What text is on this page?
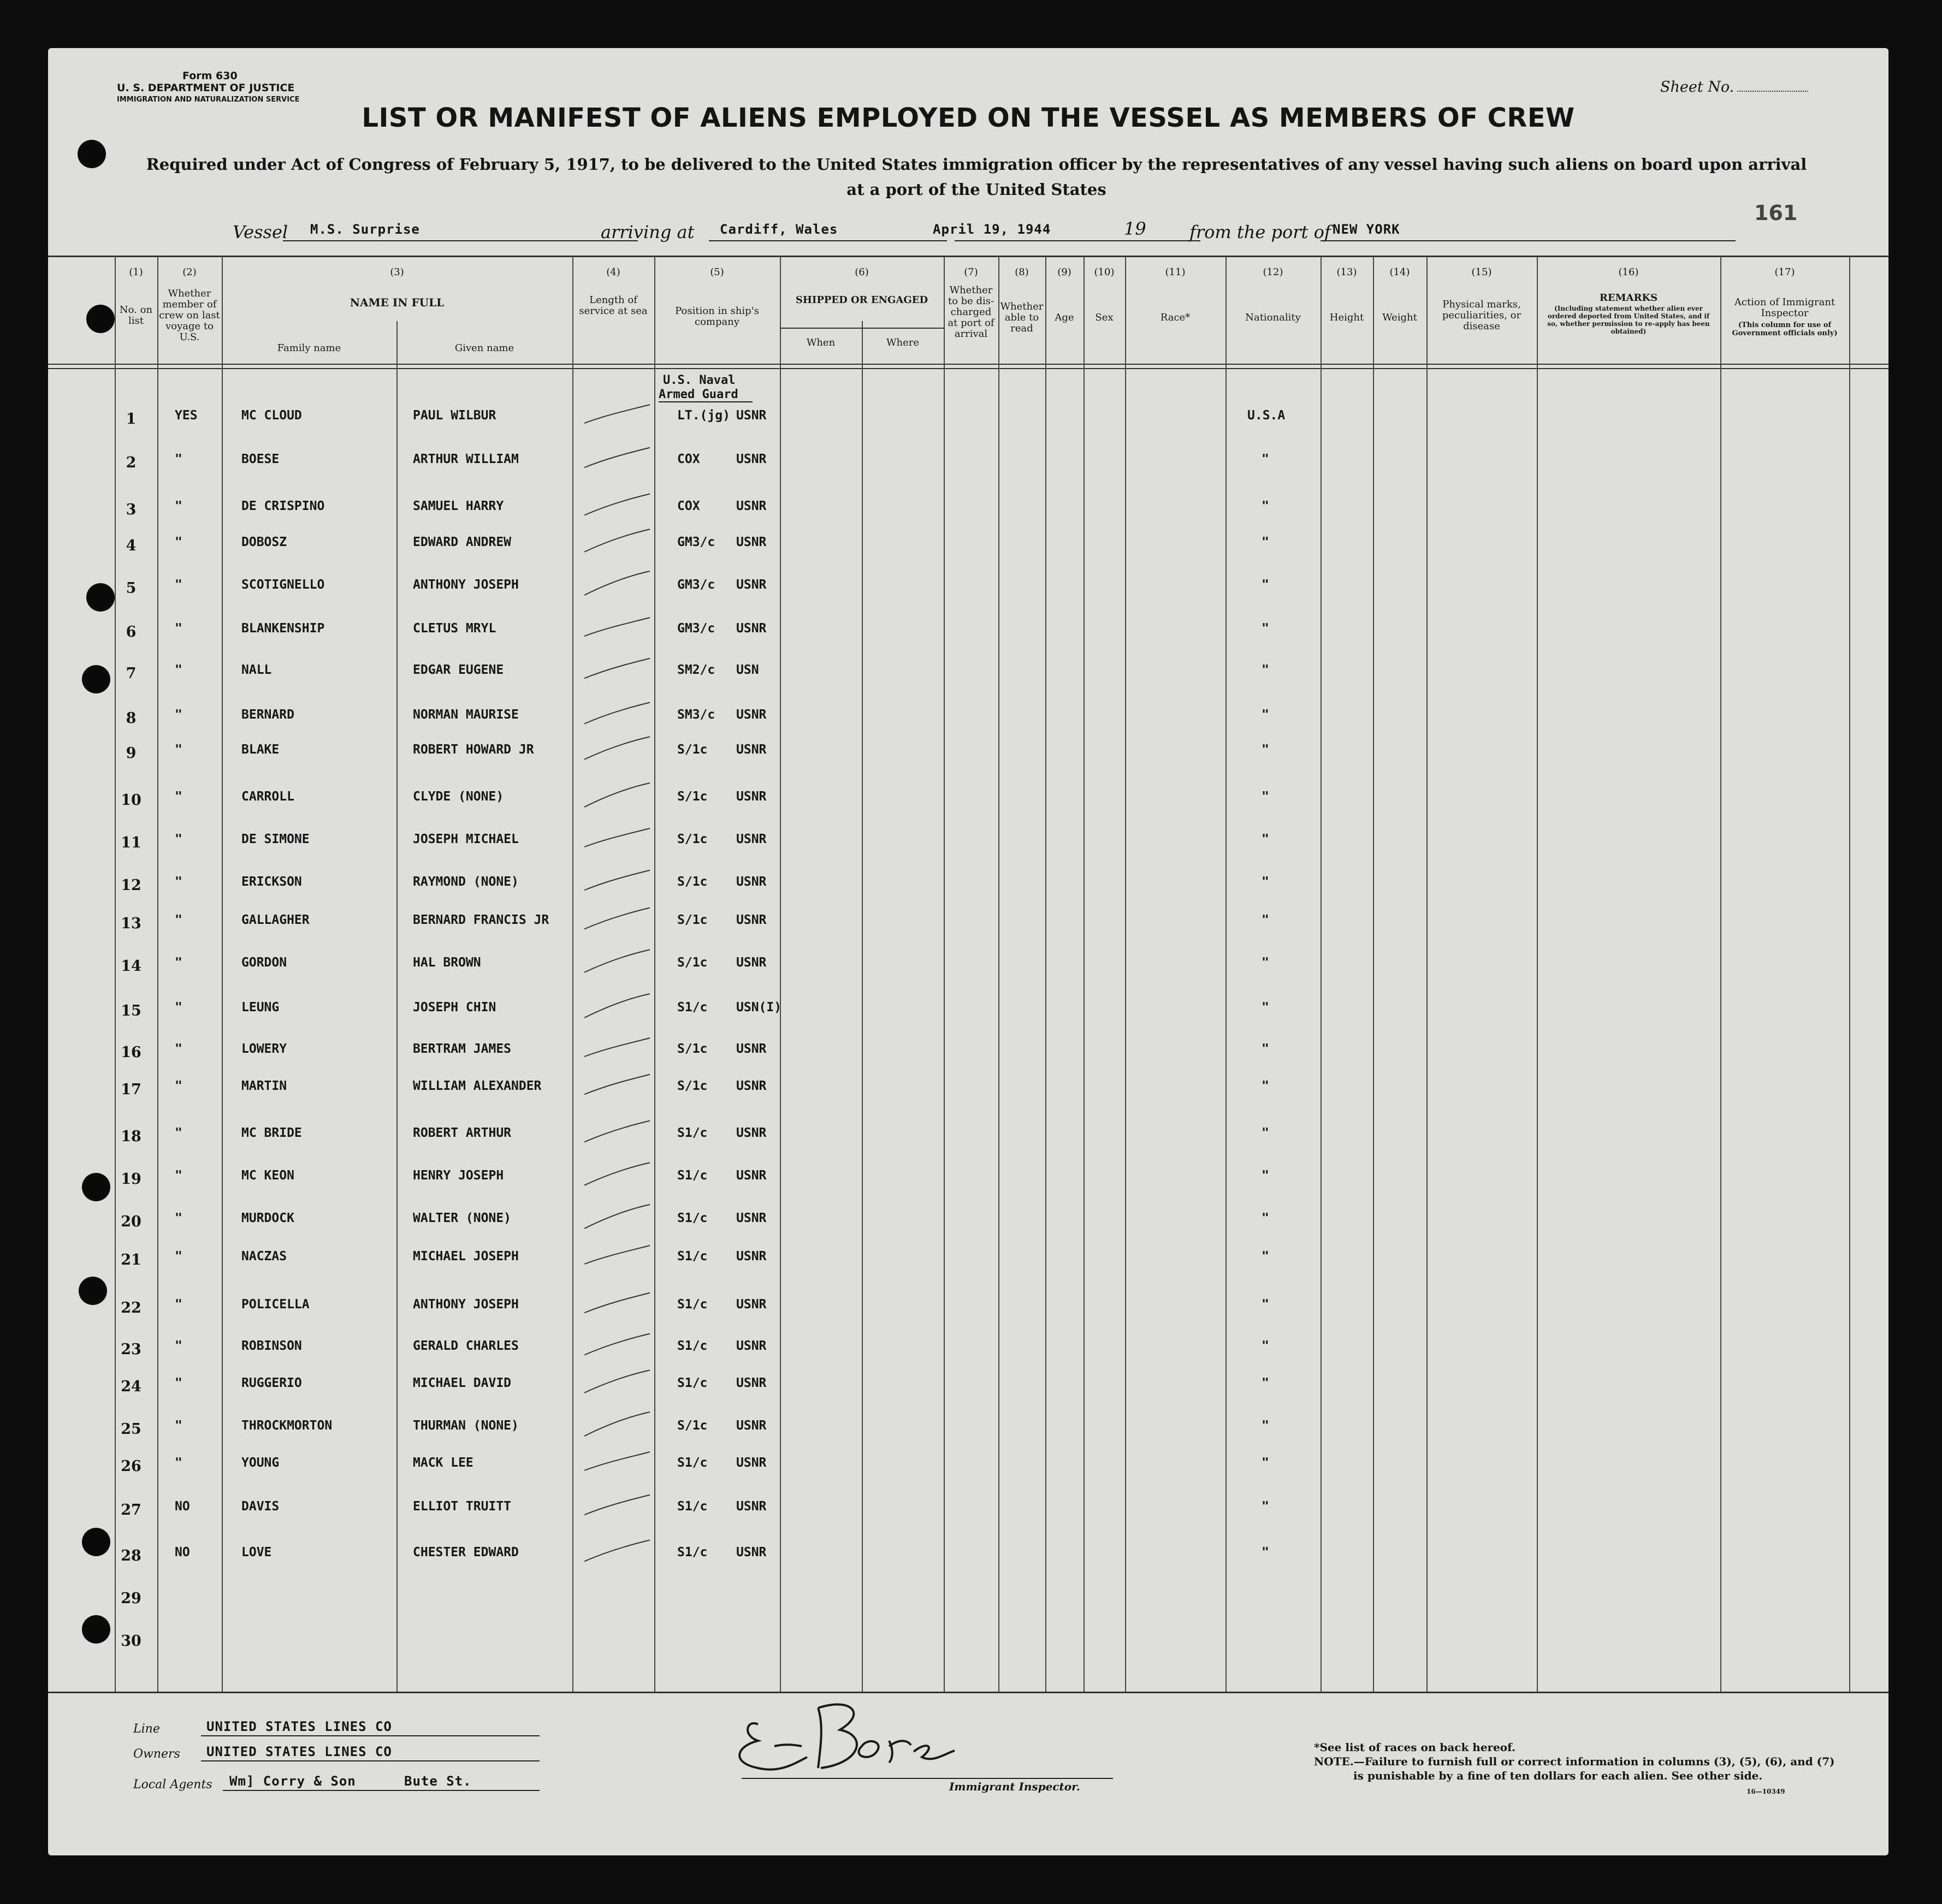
Form 630
U. S. DEPARTMENT OF JUSTICE
IMMIGRATION AND NATURALIZATION SERVICE
Sheet No.
161
LIST OR MANIFEST OF ALIENS EMPLOYED ON THE VESSEL AS MEMBERS OF CREW
Required under Act of Congress of February 5, 1917, to be delivered to the United States immigration officer by the representatives of any vessel having such aliens on board upon arrival at a port of the United States
Vessel M.S. Surprise	arriving at Cardiff, Wales	April 19, 1944	19 from the port of NEW YORK
(1)	(2)	(3)	(4)	(5)	(6)	(7)	(8)	(9)	(10)	(11)	(12)	(13)	(14)	(15)	(16)	(17)
No. on list
Whether member of crew on last voyage to U.S.
NAME IN FULL
Family name	Given name
Length of service at sea	Position in ship's company
SHIPPED OR ENGAGED
When	Where
Whether to be dis-charged at port of arrival
Whether able to read
Age	Sex	Race*	Nationality	Height	Weight
Physical marks, peculiarities, or disease
REMARKS
(Including statement whether alien ever ordered deported from United States, and if so, whether permission to re-apply has been obtained)
Action of Immigrant Inspector
(This column for use of Government officials only)
U.S. Naval
Armed Guard
1	YES	MC CLOUD	PAUL WILBUR	LT.(jg) USNR	U.S.A
2	"	BOESE	ARTHUR WILLIAM	COX	USNR	"
3	"	DE CRISPINO	SAMUEL HARRY	COX	USNR	"
4	"	DOBOSZ	EDWARD ANDREW	GM3/c USNR	"
5	"	SCOTIGNELLO	ANTHONY JOSEPH	GM3/c USNR	"
6	"	BLANKENSHIP	CLETUS MRYL	GM3/c USNR	"
7	"	NALL	EDGAR EUGENE	SM2/c USN	"
8	"	BERNARD	NORMAN MAURISE	SM3/c USNR	"
9	"	BLAKE	ROBERT HOWARD JR	S/1c USNR	"
10	"	CARROLL	CLYDE (NONE)	S/1c USNR	"
11	"	DE SIMONE	JOSEPH MICHAEL	S/1c USNR	"
12	"	ERICKSON	RAYMOND (NONE)	S/1c USNR	"
13	"	GALLAGHER	BERNARD FRANCIS JR	S/1c USNR	"
14	"	GORDON	HAL BROWN	S/1c USNR	"
15	"	LEUNG	JOSEPH CHIN	S1/c USN(I)	"
16	"	LOWERY	BERTRAM JAMES	S/1c USNR	"
17	"	MARTIN	WILLIAM ALEXANDER	S/1c USNR	"
18	"	MC BRIDE	ROBERT ARTHUR	S1/c USNR	"
19	"	MC KEON	HENRY JOSEPH	S1/c USNR	"
20	"	MURDOCK	WALTER (NONE)	S1/c USNR	"
21	"	NACZAS	MICHAEL JOSEPH	S1/c USNR	"
22	"	POLICELLA	ANTHONY JOSEPH	S1/c USNR	"
23	"	ROBINSON	GERALD CHARLES	S1/c USNR	"
24	"	RUGGERIO	MICHAEL DAVID	S1/c USNR	"
25	"	THROCKMORTON	THURMAN (NONE)	S/1c USNR	"
26	"	YOUNG	MACK LEE	S1/c USNR	"
27	NO	DAVIS	ELLIOT TRUITT	S1/c USNR	"
28	NO	LOVE	CHESTER EDWARD	S1/c USNR	"
29
30
Line	UNITED STATES LINES CO
Owners UNITED STATES LINES CO
Local Agents Wm] Corry & Son	Bute St.	Immigrant Inspector.
*See list of races on back hereof.
NOTE.—Failure to furnish full or correct information in columns (3), (5), (6), and (7)
is punishable by a fine of ten dollars for each alien. See other side.
16—10349
